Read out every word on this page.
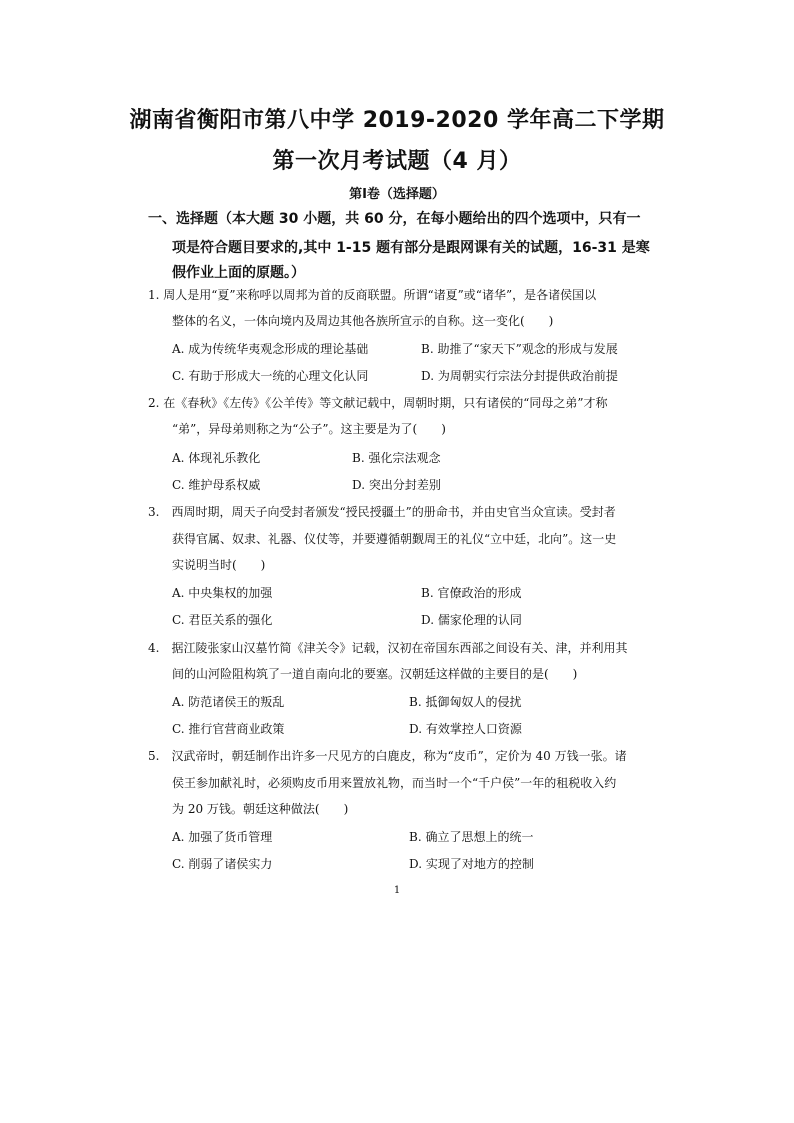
湖南省衡阳市第八中学 2019-2020 学年高二下学期
第一次月考试题（4 月）
第Ⅰ卷（选择题）
一、选择题（本大题 30 小题，共 60 分，在每小题给出的四个选项中，只有一
项是符合题目要求的,其中 1-15 题有部分是跟网课有关的试题，16-31 是寒
假作业上面的原题。）
1. 周人是用“夏”来称呼以周邦为首的反商联盟。所谓“诸夏”或“诸华”，是各诸侯国以
整体的名义，一体向境内及周边其他各族所宣示的自称。这一变化(　　)
A. 成为传统华夷观念形成的理论基础	B. 助推了“家天下”观念的形成与发展
C. 有助于形成大一统的心理文化认同	D. 为周朝实行宗法分封提供政治前提
2. 在《春秋》《左传》《公羊传》等文献记载中，周朝时期，只有诸侯的“同母之弟”才称
“弟”，异母弟则称之为“公子”。这主要是为了(　　)
A. 体现礼乐教化	B. 强化宗法观念
C. 维护母系权威	D. 突出分封差别
3.　西周时期，周天子向受封者颁发“授民授疆土”的册命书，并由史官当众宣读。受封者
获得官属、奴隶、礼器、仪仗等，并要遵循朝觐周王的礼仪“立中廷，北向”。这一史
实说明当时(　　)
A. 中央集权的加强	B. 官僚政治的形成
C. 君臣关系的强化	D. 儒家伦理的认同
4.　据江陵张家山汉墓竹简《津关令》记载，汉初在帝国东西部之间设有关、津，并利用其
间的山河险阻构筑了一道自南向北的要塞。汉朝廷这样做的主要目的是(　　)
A. 防范诸侯王的叛乱	B. 抵御匈奴人的侵扰
C. 推行官营商业政策	D. 有效掌控人口资源
5.　汉武帝时，朝廷制作出许多一尺见方的白鹿皮，称为“皮币”，定价为 40 万钱一张。诸
侯王参加献礼时，必须购皮币用来置放礼物，而当时一个“千户侯”一年的租税收入约
为 20 万钱。朝廷这种做法(　　)
A. 加强了货币管理	B. 确立了思想上的统一
C. 削弱了诸侯实力	D. 实现了对地方的控制
1
